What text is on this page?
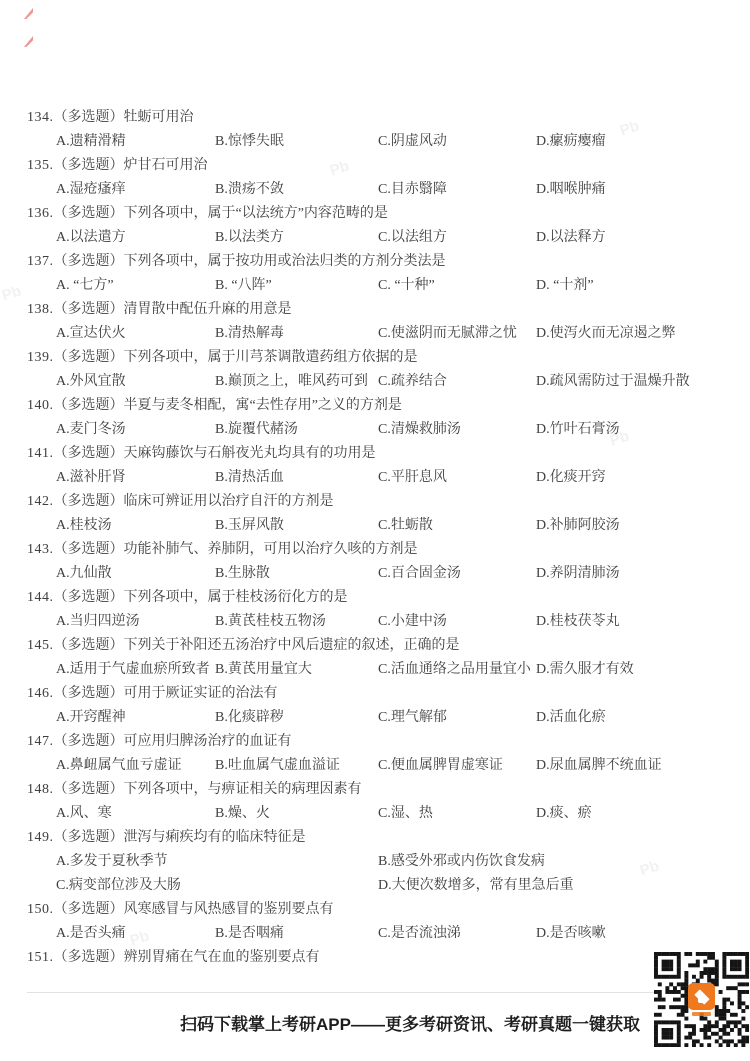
Pb
Pb
Pb
Pb
Pb
Pb
134.（多选题）牡蛎可用治
A.遗精滑精	B.惊悸失眠	C.阴虚风动	D.瘰疬瘿瘤
135.（多选题）炉甘石可用治
A.湿疮瘙痒	B.溃疡不敛	C.目赤翳障	D.咽喉肿痛
136.（多选题）下列各项中，属于“以法统方”内容范畴的是
A.以法遣方	B.以法类方	C.以法组方	D.以法释方
137.（多选题）下列各项中，属于按功用或治法归类的方剂分类法是
A. “七方”	B. “八阵”	C. “十种”	D. “十剂”
138.（多选题）清胃散中配伍升麻的用意是
A.宣达伏火	B.清热解毒	C.使滋阴而无腻滞之忧	D.使泻火而无凉遏之弊
139.（多选题）下列各项中，属于川芎茶调散遣药组方依据的是
A.外风宜散	B.巅顶之上，唯风药可到 C.疏养结合	D.疏风需防过于温燥升散
140.（多选题）半夏与麦冬相配，寓“去性存用”之义的方剂是
A.麦门冬汤	B.旋覆代赭汤	C.清燥救肺汤	D.竹叶石膏汤
141.（多选题）天麻钩藤饮与石斛夜光丸均具有的功用是
A.滋补肝肾	B.清热活血	C.平肝息风	D.化痰开窍
142.（多选题）临床可辨证用以治疗自汗的方剂是
A.桂枝汤	B.玉屏风散	C.牡蛎散	D.补肺阿胶汤
143.（多选题）功能补肺气、养肺阴，可用以治疗久咳的方剂是
A.九仙散	B.生脉散	C.百合固金汤	D.养阴清肺汤
144.（多选题）下列各项中，属于桂枝汤衍化方的是
A.当归四逆汤	B.黄芪桂枝五物汤	C.小建中汤	D.桂枝茯苓丸
145.（多选题）下列关于补阳还五汤治疗中风后遗症的叙述，正确的是
A.适用于气虚血瘀所致者 B.黄芪用量宜大	C.活血通络之品用量宜小 D.需久服才有效
146.（多选题）可用于厥证实证的治法有
A.开窍醒神	B.化痰辟秽	C.理气解郁	D.活血化瘀
147.（多选题）可应用归脾汤治疗的血证有
A.鼻衄属气血亏虚证	B.吐血属气虚血溢证	C.便血属脾胃虚寒证	D.尿血属脾不统血证
148.（多选题）下列各项中，与痹证相关的病理因素有
A.风、寒	B.燥、火	C.湿、热	D.痰、瘀
149.（多选题）泄泻与痢疾均有的临床特征是
A.多发于夏秋季节	B.感受外邪或内伤饮食发病
C.病变部位涉及大肠	D.大便次数增多，常有里急后重
150.（多选题）风寒感冒与风热感冒的鉴别要点有
A.是否头痛	B.是否咽痛	C.是否流浊涕	D.是否咳嗽
151.（多选题）辨别胃痛在气在血的鉴别要点有
扫码下载掌上考研APP——更多考研资讯、考研真题一键获取
